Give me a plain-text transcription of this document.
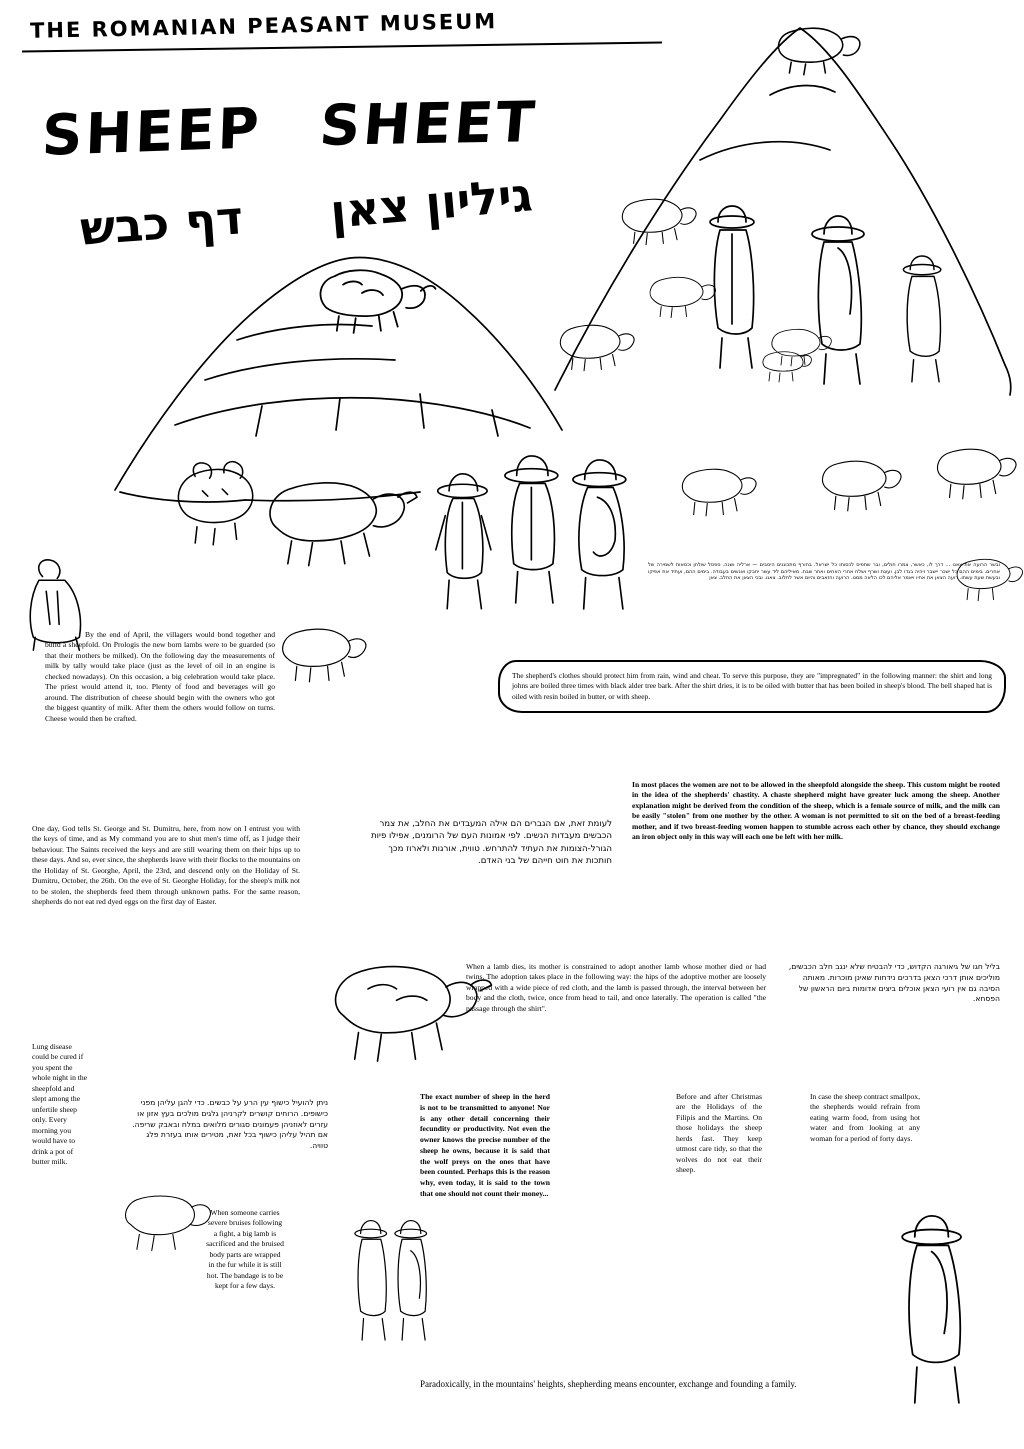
THE ROMANIAN PEASANT MUSEUM
SHEEP SHEET
דף כבש גיליון צאן
ובשר הרועה את צאנו ... דרך לו, כאשר, צמרו חולים, ובר שתפיס לכסותו כל ישראל. בחורף מתכוננים היסבים — ארליה ושנה. ספסל שולחן וכסאות לשמירה של אחרים. בימים ההם כל ישכר יישבר ויהיה בגדו לבן. ועוגת ושרף ושלח אחרי האחים ואחר שבת. מאיליהם ליד עשר יחבקו ואנשים בעבודה. בימים ההם, ועתיד את אפיקו ובעשת שעת עשתו. רועה הצאן את אחיו ויאמר אליהם לכו הלאה ממנו. הרועה והזאבים והיום אשר לחלוב. צאנו. ובכי הצאן את החלב. צאן
By the end of April, the villagers would bond together and build a sheepfold. On Prologis the new born lambs were to be guarded (so that their mothers be milked). On the following day the measurements of milk by tally would take place (just as the level of oil in an engine is checked nowadays). On this occasion, a big celebration would take place. The priest would attend it, too. Plenty of food and beverages will go around. The distribution of cheese should begin with the owners who got the biggest quantity of milk. After them the others would follow on turns. Cheese would then be crafted.
The shepherd's clothes should protect him from rain, wind and cheat. To serve this purpose, they are "impregnated" in the following manner: the shirt and long johns are boiled three times with black alder tree bark. After the shirt dries, it is to be oiled with butter that has been boiled in sheep's blood. The bell shaped hat is oiled with resin boiled in butter, or with sheep.
In most places the women are not to be allowed in the sheepfold alongside the sheep. This custom might be rooted in the idea of the shepherds' chastity. A chaste shepherd might have greater luck among the sheep. Another explanation might be derived from the condition of the sheep, which is a female source of milk, and the milk can be easily "stolen" from one mother by the other. A woman is not permitted to sit on the bed of a breast-feeding mother, and if two breast-feeding women happen to stumble across each other by chance, they should exchange an iron object only in this way will each one be left with her milk.
לעומת זאת, אם הגברים הם אילה המעבדים את החלב, את צמר הכבשים מעבדות הנשים. לפי אמונות העם של הרומנים, אפילו פיות הגורל-הצומות את העתיד להתרחש. טווית, אורגות ולארוז מכך חותכות את חוט חייהם של בני האדם.
One day, God tells St. George and St. Dumitru, here, from now on I entrust you with the keys of time, and as My command you are to shut men's time off, as I judge their behaviour. The Saints received the keys and are still wearing them on their hips up to these days. And so, ever since, the shepherds leave with their flocks to the mountains on the Holiday of St. Georghe, April, the 23rd, and descend only on the Holiday of St. Dumitru, October, the 26th. On the eve of St. Georghe Holiday, for the sheep's milk not to be stolen, the shepherds feed them through unknown paths. For the same reason, shepherds do not eat red dyed eggs on the first day of Easter.
When a lamb dies, its mother is constrained to adopt another lamb whose mother died or had twins. The adoption takes place in the following way: the hips of the adoptive mother are loosely wrapped with a wide piece of red cloth, and the lamb is passed through, the interval between her body and the cloth, twice, once from head to tail, and once laterally. The operation is called "the passage through the shirt".
בליל חגו של גיאורגה הקדוש, כדי להבטיח שלא ינגב חלב הכבשים, מוליכים אותן דרכי הצאן בדרכים נידחות שאינן מוכרות. מאותה הסיבה גם אין רועי הצאן אוכלים ביצים אדומות ביום הראשון של הפסחא.
Lung disease could be cured if you spent the whole night in the sheepfold and slept among the unfertile sheep only. Every morning you would have to drink a pot of butter milk.
ניתן להועיל כישוף עין הרע על כבשים. כדי להגן עליהן מפני כישופים. הרוחים קושרים לקרניהן גלגים מולכים בעץ אזון או עזרים לאוזניהן פעמונים סגורים מלואים במלח ובאבק שריפה. אם תהיל עליהן כישוף בכל זאת, מטירים אותו בעזרת פלג טוויה.
When someone carries severe bruises following a fight, a big lamb is sacrificed and the bruised body parts are wrapped in the fur while it is still hot. The bandage is to be kept for a few days.
The exact number of sheep in the herd is not to be transmitted to anyone! Nor is any other detail concerning their fecundity or productivity. Not even the owner knows the precise number of the sheep he owns, because it is said that the wolf preys on the ones that have been counted. Perhaps this is the reason why, even today, it is said to the town that one should not count their money...
Before and after Christmas are the Holidays of the Filipis and the Martins. On those holidays the sheep herds fast. They keep utmost care tidy, so that the wolves do not eat their sheep.
In case the sheep contract smallpox, the shepherds would refrain from eating warm food, from using hot water and from looking at any woman for a period of forty days.
Paradoxically, in the mountains' heights, shepherding means encounter, exchange and founding a family.
